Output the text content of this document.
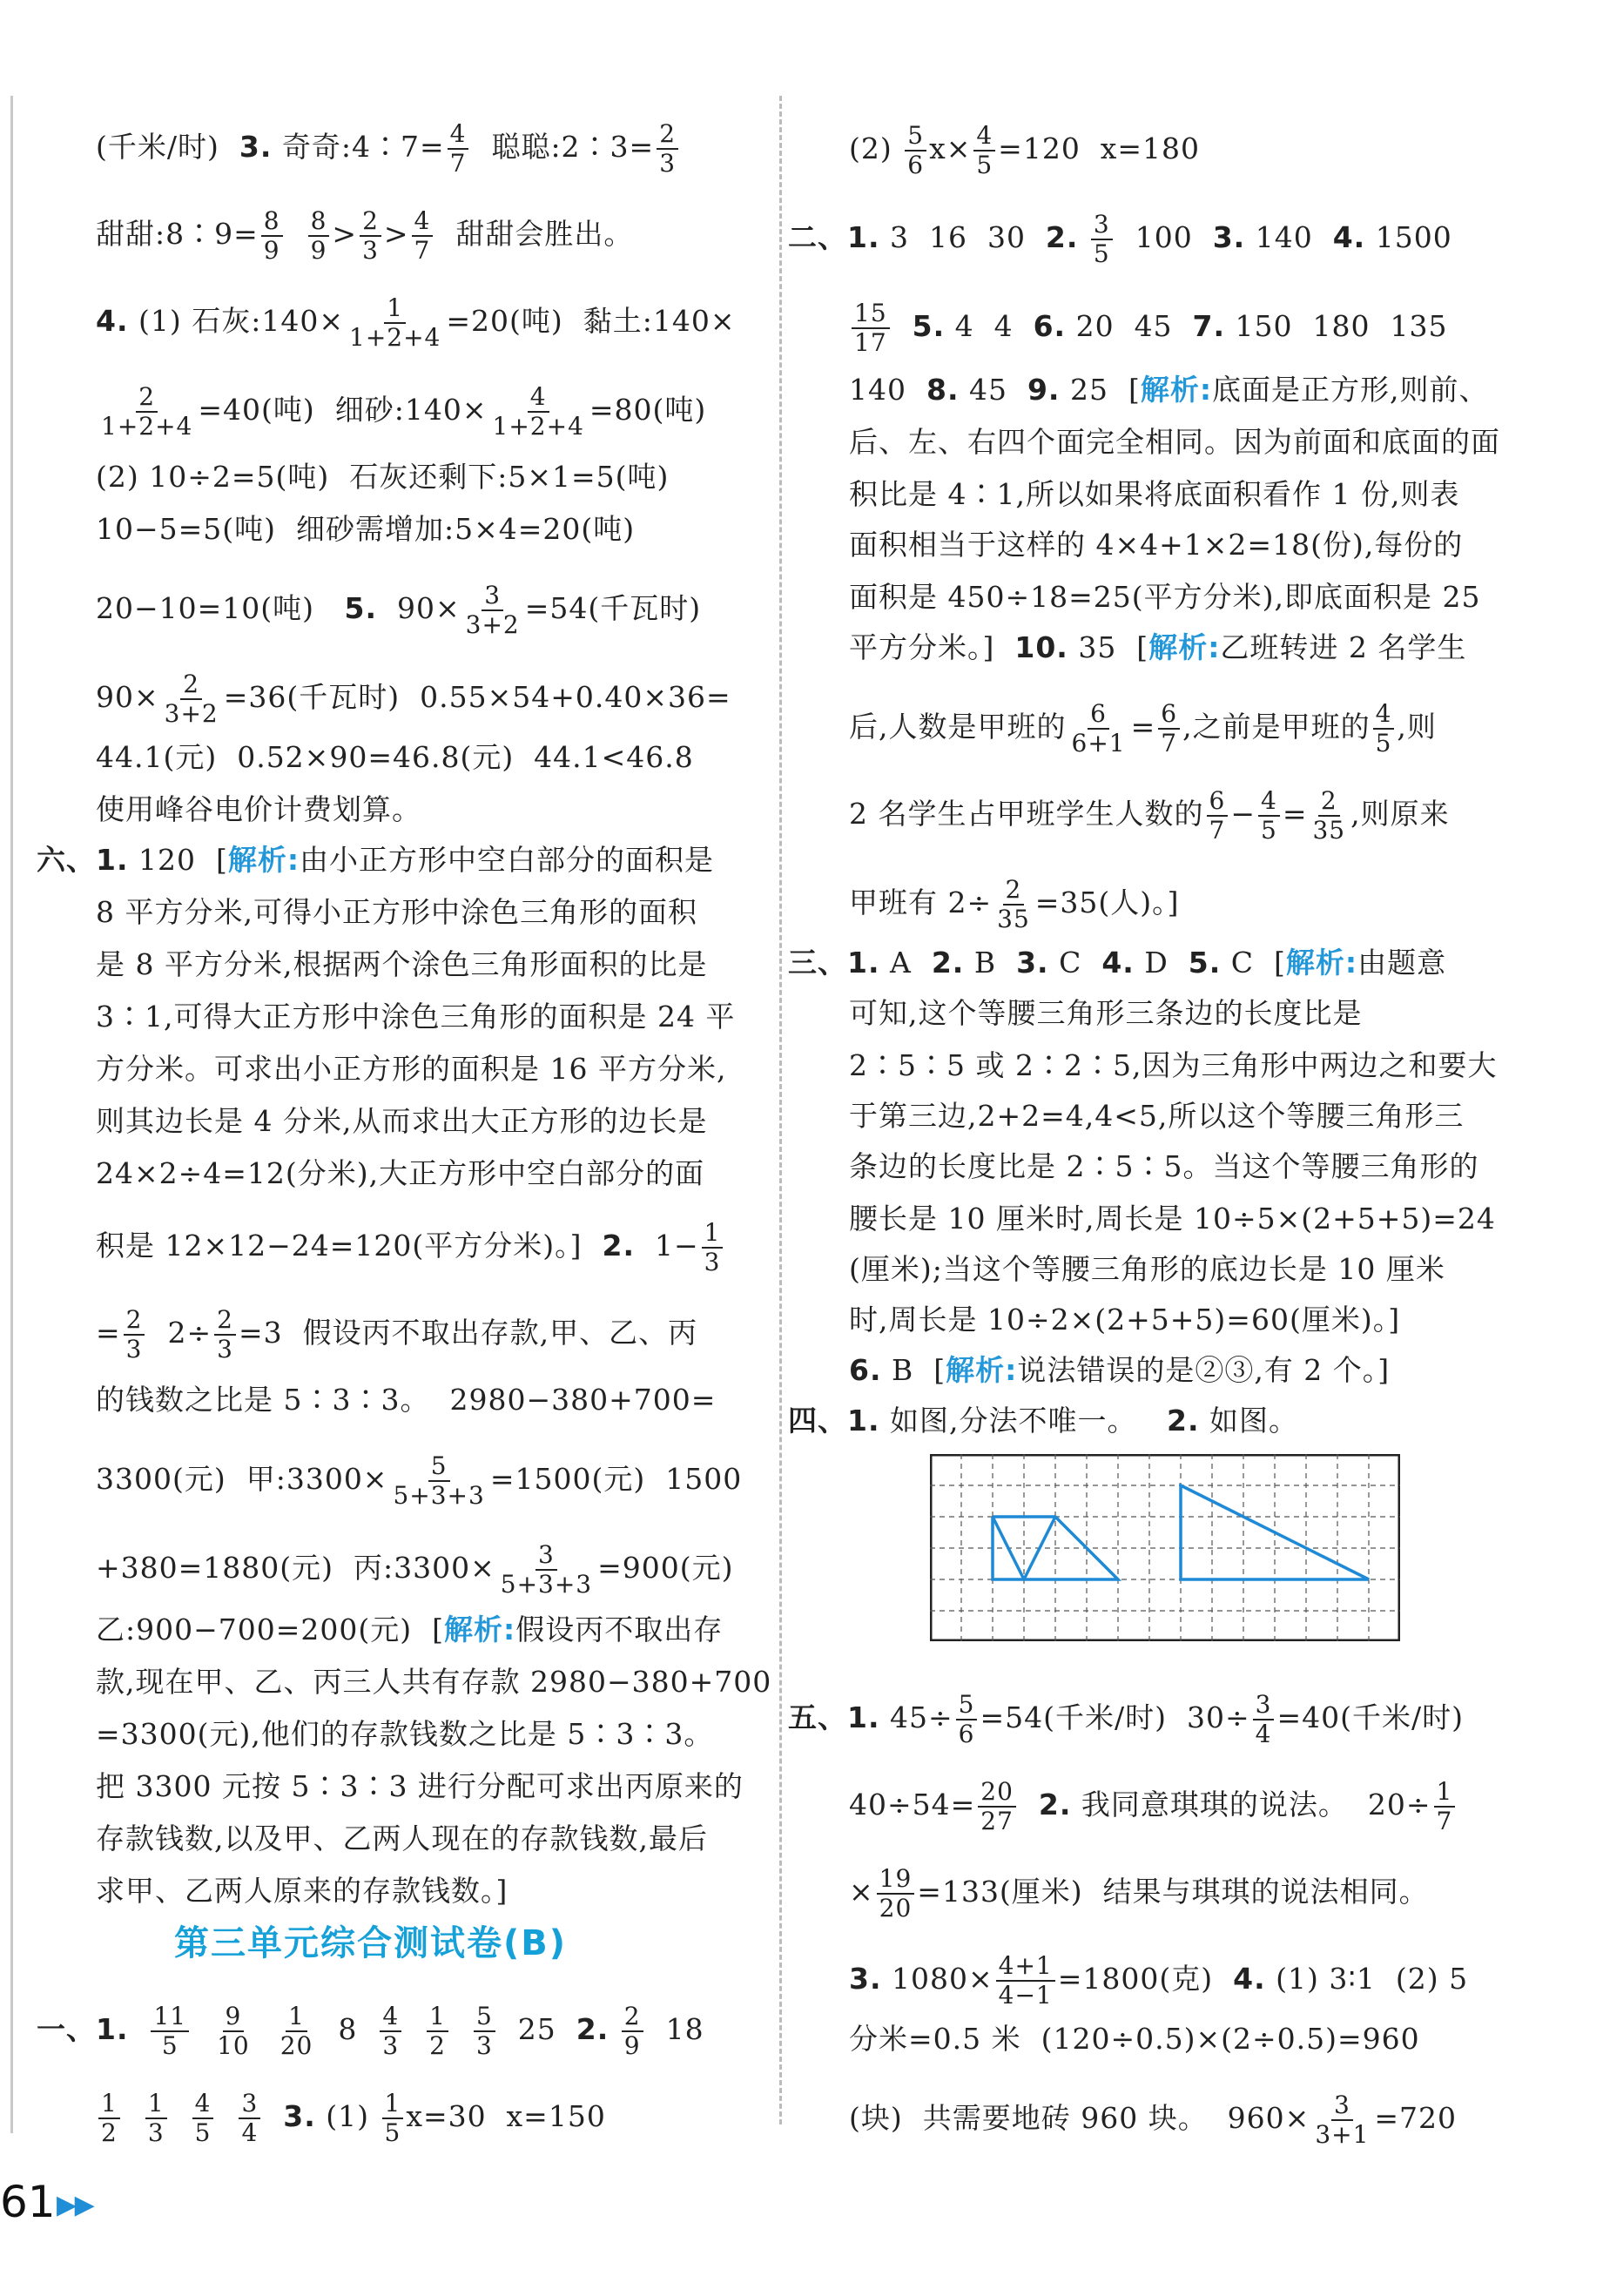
(千米/时) 3. 奇奇:4∶7= $\frac{4}{7}$ 聪聪:2∶3= $\frac{2}{3}$
甜甜:8∶9= $\frac{8}{9}$
$\frac{8}{9} > \frac{2}{3} > \frac{4}{7}$ 甜甜会胜出。
4. (1) 石灰:140× $\frac{1}{1+2+4} =20$(吨)  黏土:140×
$\frac{2}{1+2+4} =40$(吨)  细砂:140× $\frac{4}{1+2+4} =80$(吨)
(2) 10÷2=5(吨)  石灰还剩下:5×1=5(吨)
10−5=5(吨)  细砂需增加:5×4=20(吨)
20−10=10(吨) 5. $90\times \frac{3}{3+2} =54$(千瓦时)
$90\times \frac{2}{3+2} =36$(千瓦时)  0.55×54+0.40×36=
44.1(元)  0.52×90=46.8(元)  44.1<46.8
使用峰谷电价计费划算。
六、1. 120  [解析:由小正方形中空白部分的面积是
8 平方分米,可得小正方形中涂色三角形的面积
是 8 平方分米,根据两个涂色三角形面积的比是
3∶1,可得大正方形中涂色三角形的面积是 24 平
方分米。可求出小正方形的面积是 16 平方分米,
则其边长是 4 分米,从而求出大正方形的边长是
24×2÷4=12(分米),大正方形中空白部分的面
积是 12×12−24=120(平方分米)。] 2. $1- \frac{1}{3}$
= $\frac{2}{3} 2\div \frac{2}{3} =3$  假设丙不取出存款,甲、乙、丙
的钱数之比是 5∶3∶3。  2980−380+700=
3300(元)  甲:3300× $\frac{5}{5+3+3} =1500$(元)  1500
+380=1880(元)  丙:3300× $\frac{3}{5+3+3} =900$(元)
乙:900−700=200(元)  [解析:假设丙不取出存
款,现在甲、乙、丙三人共有存款 2980−380+700
=3300(元),他们的存款钱数之比是 5∶3∶3。
把 3300 元按 5∶3∶3 进行分配可求出丙原来的
存款钱数,以及甲、乙两人现在的存款钱数,最后
求甲、乙两人原来的存款钱数。]
第三单元综合测试卷(B)
一、1. $\frac{11}{5}$
$\frac{9}{10}$
$\frac{1}{20} 8 \frac{4}{3}$
$\frac{1}{2}$
$\frac{5}{3} 25$ 2. $\frac{2}{9} 18$
$\frac{1}{2}$
$\frac{1}{3}$
$\frac{4}{5}$
$\frac{3}{4} 3$. $(1) \frac{1}{5} x=30$  x=150
$(2) \frac{5}{6} x\times \frac{4}{5} =120$  x=180
二、1. 3  16  30 2. $\frac{3}{5} 100$ 3. 140 4. 1500
$\frac{15}{17} 5$. 4  4 6. 20  45 7. 150  180  135
140 8. 45 9. 25  [解析:底面是正方形,则前、
后、左、右四个面完全相同。因为前面和底面的面
积比是 4∶1,所以如果将底面积看作 1 份,则表
面积相当于这样的 4×4+1×2=18(份),每份的
面积是 450÷18=25(平方分米),即底面积是 25
平方分米。] 10. 35  [解析:乙班转进 2 名学生
后,人数是甲班的 $\frac{6}{6+1} = \frac{6}{7}$ ,之前是甲班的 $\frac{4}{5}$ ,则
2 名学生占甲班学生人数的 $\frac{6}{7} - \frac{4}{5} = \frac{2}{35}$ ,则原来
甲班有 $2\div \frac{2}{35} =35$(人)。]
三、1. A 2. B 3. C 4. D 5. C  [解析:由题意
可知,这个等腰三角形三条边的长度比是
2∶5∶5 或 2∶2∶5,因为三角形中两边之和要大
于第三边,2+2=4,4<5,所以这个等腰三角形三
条边的长度比是 2∶5∶5。当这个等腰三角形的
腰长是 10 厘米时,周长是 10÷5×(2+5+5)=24
(厘米);当这个等腰三角形的底边长是 10 厘米
时,周长是 10÷2×(2+5+5)=60(厘米)。]
6. B  [解析:说法错误的是②③,有 2 个。]
四、1. 如图,分法不唯一。 2. 如图。
五、1. $45\div \frac{5}{6} =54$(千米/时)  $30\div \frac{3}{4} =40$(千米/时)
$40\div 54= \frac{20}{27} 2$. 我同意琪琪的说法。  $20\div \frac{1}{7}$
× $\frac{19}{20} =133$(厘米)  结果与琪琪的说法相同。
3. $1080\times \frac{4+1}{4-1} =1800$(克) 4. (1) 3∶1  (2) 5
分米=0.5 米  (120÷0.5)×(2÷0.5)=960
(块)  共需要地砖 960 块。  $960\times \frac{3}{3+1} =720$
61 ▶ ▶
